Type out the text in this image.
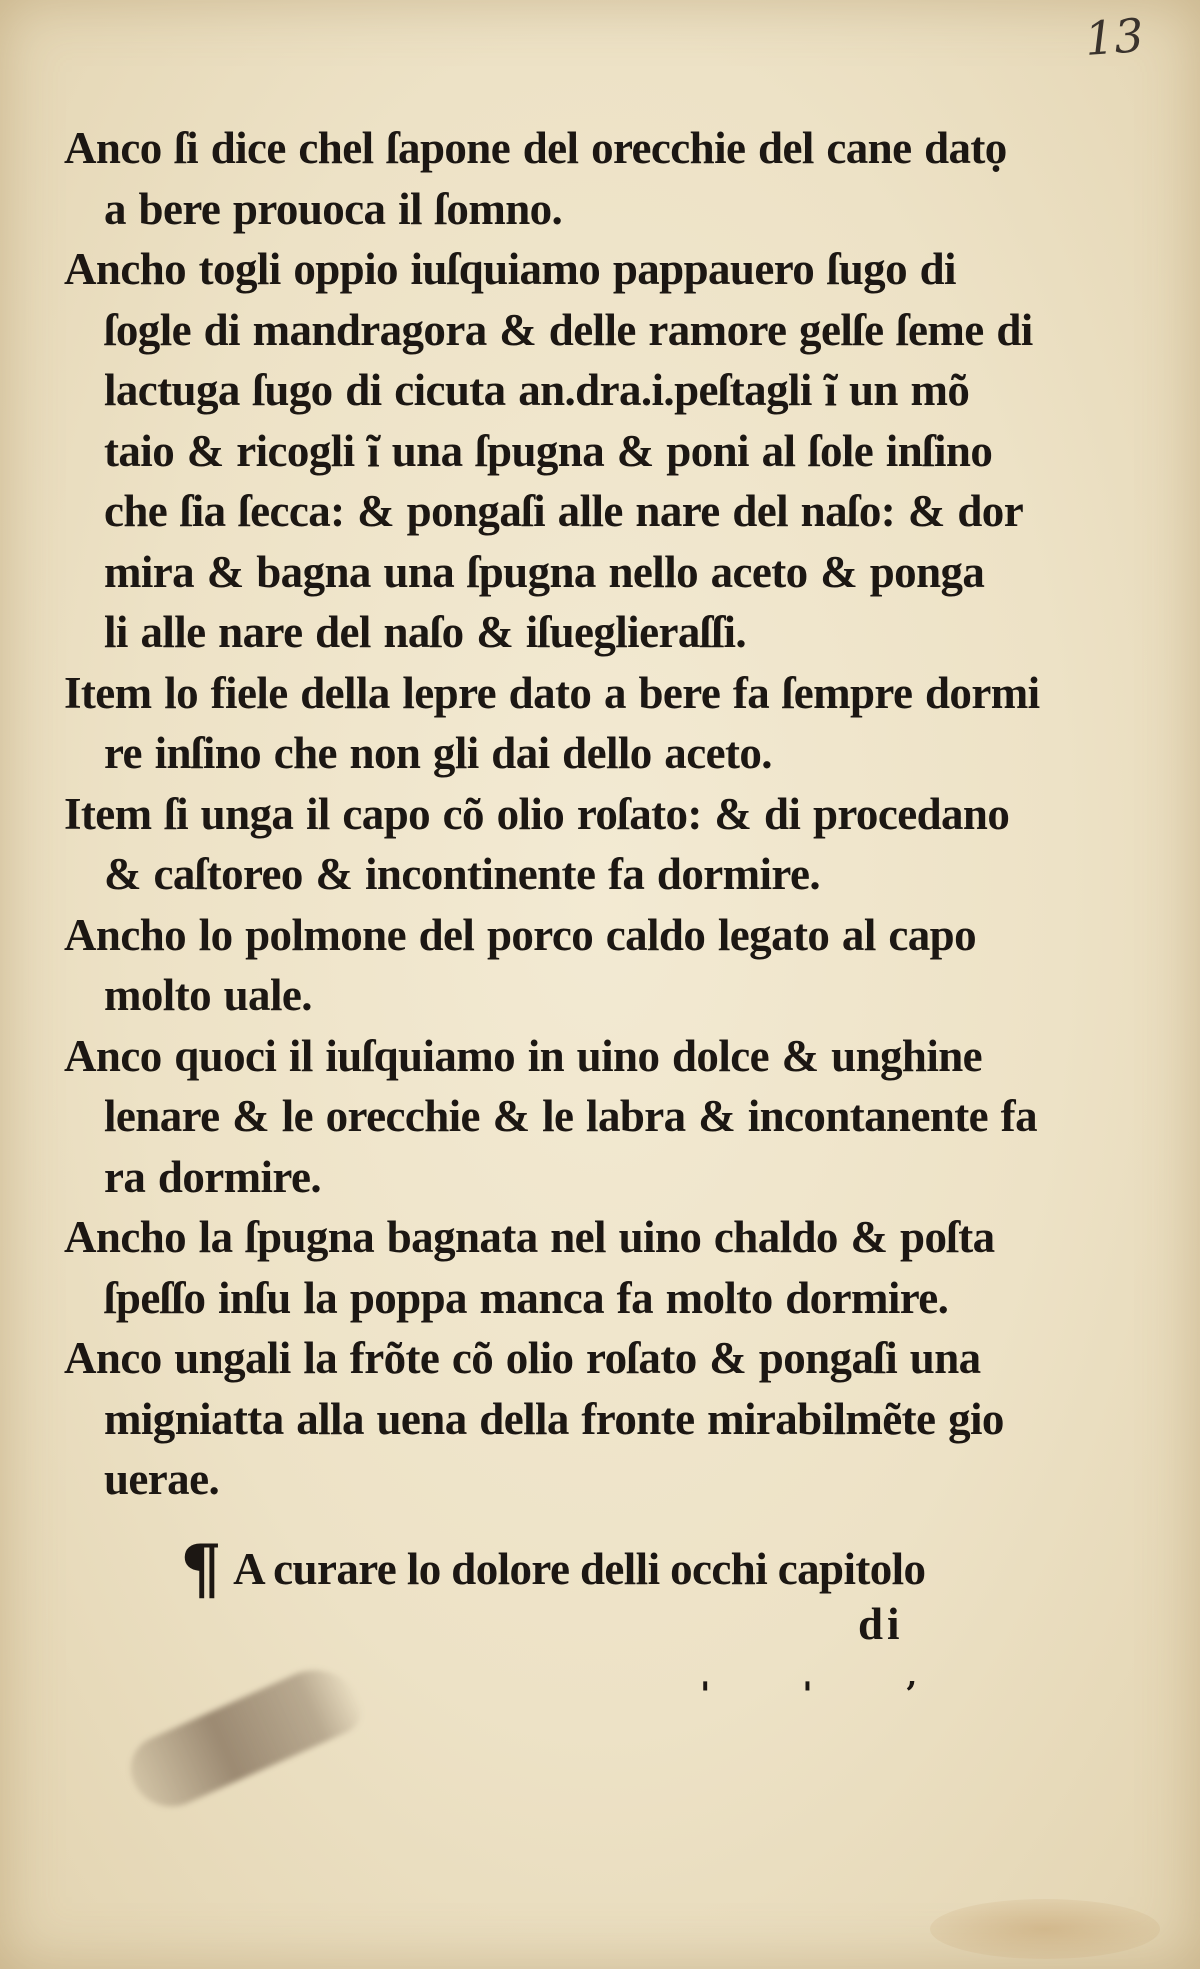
13
Anco ſi dice chel ſapone del orecchie del cane datọ
a bere prouoca il ſomno.
Ancho togli oppio iuſquiamo pappauero ſugo di
ſogle di mandragora & delle ramore gelſe ſeme di
lactuga ſugo di cicuta an.dra.i.peſtagli ĩ un mõ
taio & ricogli ĩ una ſpugna & poni al ſole inſino
che ſia ſecca: & pongaſi alle nare del naſo: & dor
mira & bagna una ſpugna nello aceto & ponga
li alle nare del naſo & iſueglieraſſi.
Item lo fiele della lepre dato a bere fa ſempre dormi
re inſino che non gli dai dello aceto.
Item ſi unga il capo cõ olio roſato: & di procedano
& caſtoreo & incontinente fa dormire.
Ancho lo polmone del porco caldo legato al capo
molto uale.
Anco quoci il iuſquiamo in uino dolce & unghine
lenare & le orecchie & le labra & incontanente fa
ra dormire.
Ancho la ſpugna bagnata nel uino chaldo & poſta
ſpeſſo inſu la poppa manca fa molto dormire.
Anco ungali la frõte cõ olio roſato & pongaſi una
migniatta alla uena della fronte mirabilmẽte gio
uerae.
¶ A curare lo dolore delli occhi capitolo
di
' ' ʼ
